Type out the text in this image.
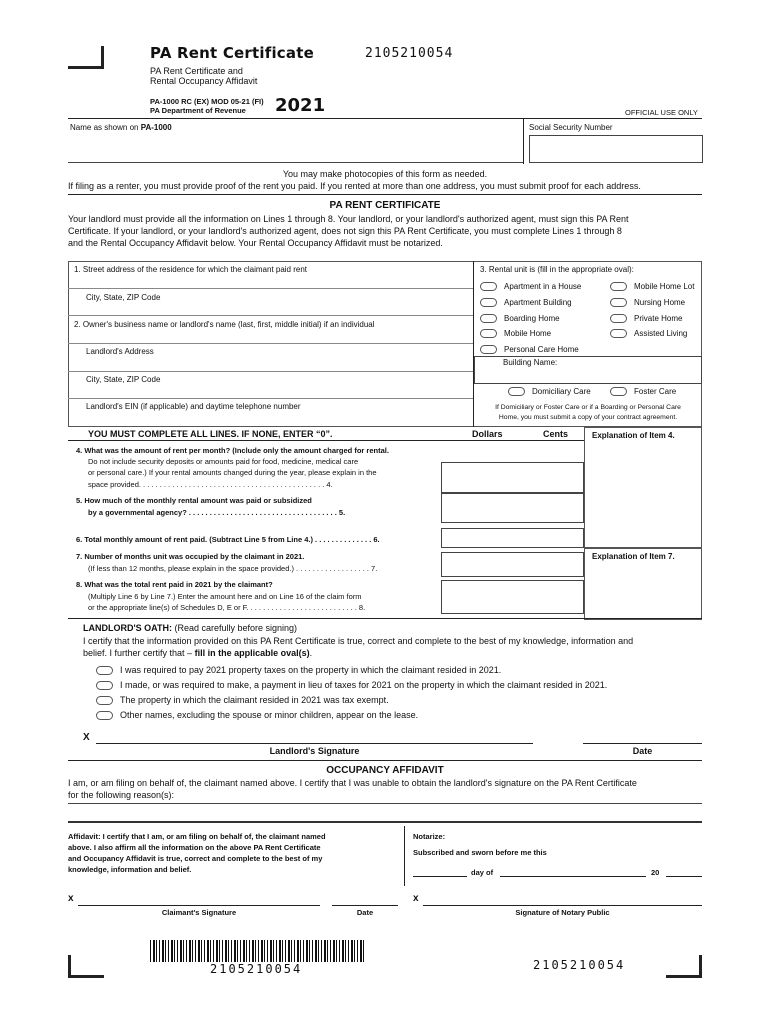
PA Rent Certificate	2105210054
PA Rent Certificate and
Rental Occupancy Affidavit
PA-1000 RC (EX) MOD 05-21 (FI)
PA Department of Revenue 2021	OFFICIAL USE ONLY
Name as shown on PA-1000	Social Security Number
You may make photocopies of this form as needed.
If filing as a renter, you must provide proof of the rent you paid. If you rented at more than one address, you must submit proof for each address.
PA RENT CERTIFICATE
Your landlord must provide all the information on Lines 1 through 8. Your landlord, or your landlord's authorized agent, must sign this PA Rent
Certificate. If your landlord, or your landlord's authorized agent, does not sign this PA Rent Certificate, you must complete Lines 1 through 8
and the Rental Occupancy Affidavit below. Your Rental Occupancy Affidavit must be notarized.
1. Street address of the residence for which the claimant paid rent
City, State, ZIP Code
2. Owner's business name or landlord's name (last, first, middle initial) if an individual
Landlord's Address
City, State, ZIP Code
Landlord's EIN (if applicable) and daytime telephone number
3. Rental unit is (fill in the appropriate oval):
Apartment in a House	Mobile Home Lot
Apartment Building	Nursing Home
Boarding Home	Private Home
Mobile Home	Assisted Living
Personal Care Home
Building Name:
Domiciliary Care	Foster Care
If Domiciliary or Foster Care or if a Boarding or Personal Care
Home, you must submit a copy of your contract agreement.
YOU MUST COMPLETE ALL LINES. IF NONE, ENTER “0”.	Dollars	Cents	Explanation of Item 4.
Explanation of Item 7.
4. What was the amount of rent per month? (Include only the amount charged for rental.
Do not include security deposits or amounts paid for food, medicine, medical care
or personal care.) If your rental amounts changed during the year, please explain in the
space provided. . . . . . . . . . . . . . . . . . . . . . . . . . . . . . . . . . . . . . . . . . . . . 4.
5. How much of the monthly rental amount was paid or subsidized
by a governmental agency? . . . . . . . . . . . . . . . . . . . . . . . . . . . . . . . . . . . . 5.
6. Total monthly amount of rent paid. (Subtract Line 5 from Line 4.) . . . . . . . . . . . . . . 6.
7. Number of months unit was occupied by the claimant in 2021.
(If less than 12 months, please explain in the space provided.) . . . . . . . . . . . . . . . . . . 7.
8. What was the total rent paid in 2021 by the claimant?
(Multiply Line 6 by Line 7.) Enter the amount here and on Line 16 of the claim form
or the appropriate line(s) of Schedules D, E or F. . . . . . . . . . . . . . . . . . . . . . . . . . . 8.
LANDLORD'S OATH: (Read carefully before signing)
I certify that the information provided on this PA Rent Certificate is true, correct and complete to the best of my knowledge, information and
belief. I further certify that – fill in the applicable oval(s).
I was required to pay 2021 property taxes on the property in which the claimant resided in 2021.
I made, or was required to make, a payment in lieu of taxes for 2021 on the property in which the claimant resided in 2021.
The property in which the claimant resided in 2021 was tax exempt.
Other names, excluding the spouse or minor children, appear on the lease.
X
Landlord's Signature	Date
OCCUPANCY AFFIDAVIT
I am, or am filing on behalf of, the claimant named above. I certify that I was unable to obtain the landlord's signature on the PA Rent Certificate
for the following reason(s):
Affidavit: I certify that I am, or am filing on behalf of, the claimant named
above. I also affirm all the information on the above PA Rent Certificate
and Occupancy Affidavit is true, correct and complete to the best of my
knowledge, information and belief.
Notarize:
Subscribed and sworn before me this
day of	20
x	x
Claimant's Signature	Date	Signature of Notary Public
2105210054	2105210054
